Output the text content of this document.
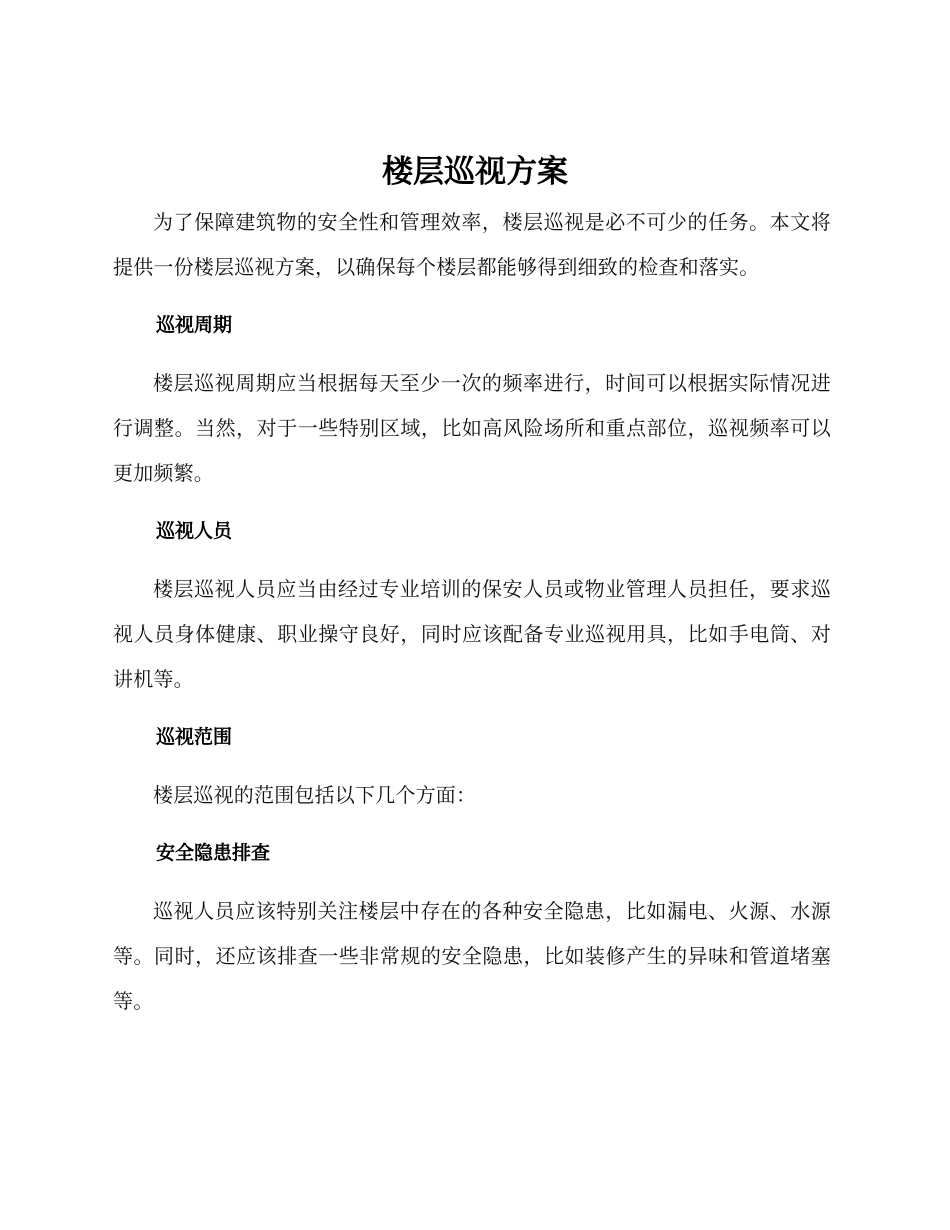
楼层巡视方案

为了保障建筑物的安全性和管理效率，楼层巡视是必不可少的任务。本文将提供一份楼层巡视方案，以确保每个楼层都能够得到细致的检查和落实。

巡视周期

楼层巡视周期应当根据每天至少一次的频率进行，时间可以根据实际情况进行调整。当然，对于一些特别区域，比如高风险场所和重点部位，巡视频率可以更加频繁。

巡视人员

楼层巡视人员应当由经过专业培训的保安人员或物业管理人员担任，要求巡视人员身体健康、职业操守良好，同时应该配备专业巡视用具，比如手电筒、对讲机等。

巡视范围

楼层巡视的范围包括以下几个方面：

安全隐患排查

巡视人员应该特别关注楼层中存在的各种安全隐患，比如漏电、火源、水源等。同时，还应该排查一些非常规的安全隐患，比如装修产生的异味和管道堵塞等。
